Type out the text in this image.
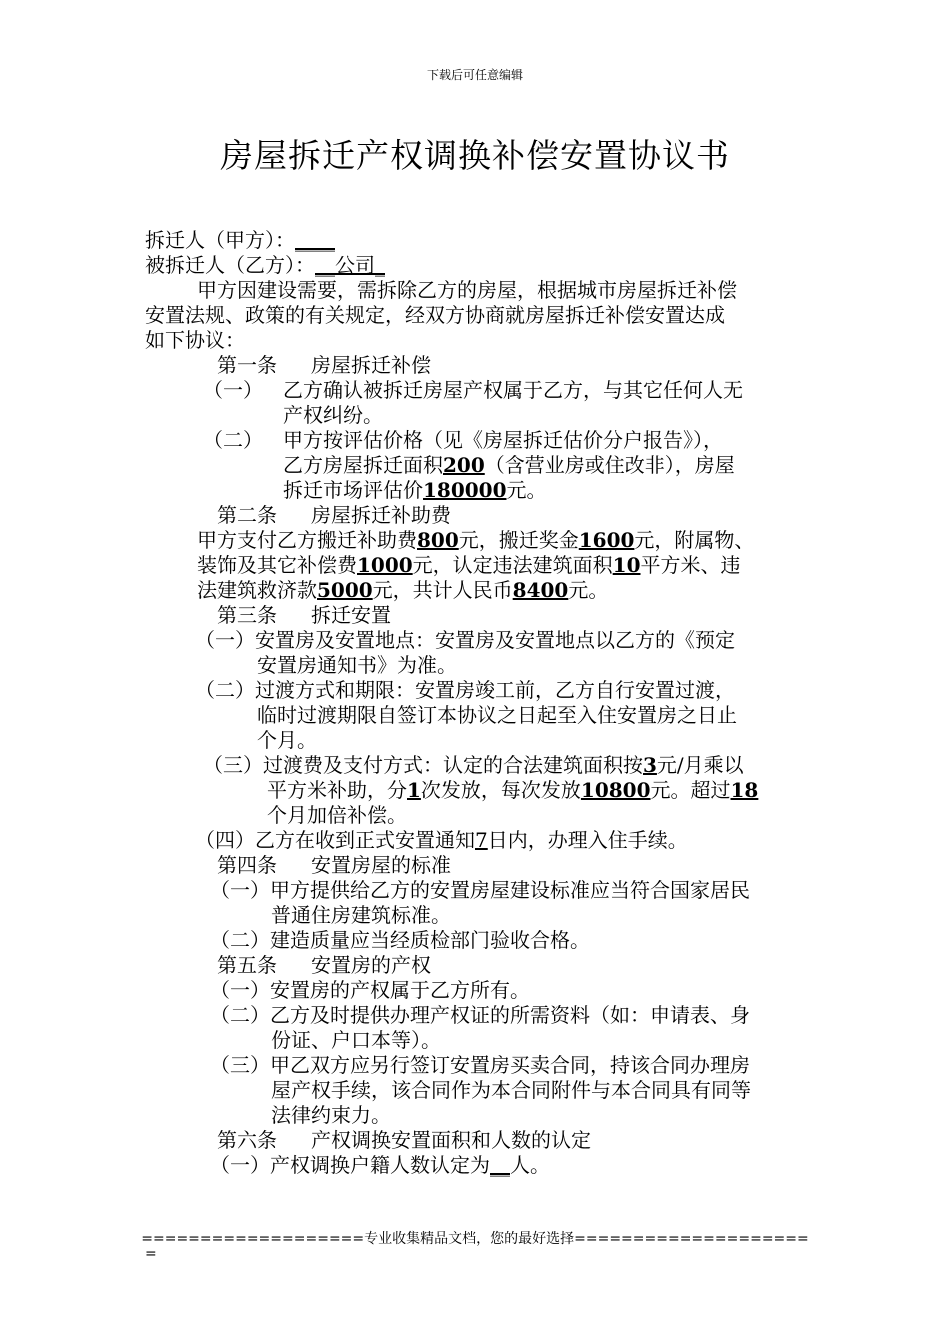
下载后可任意编辑
房屋拆迁产权调换补偿安置协议书
拆迁人（甲方）：____
被拆迁人（乙方）：__公司_
甲方因建设需要，需拆除乙方的房屋，根据城市房屋拆迁补偿
安置法规、政策的有关规定，经双方协商就房屋拆迁补偿安置达成
如下协议：
第一条 房屋拆迁补偿
（一） 乙方确认被拆迁房屋产权属于乙方，与其它任何人无
产权纠纷。
（二） 甲方按评估价格（见《房屋拆迁估价分户报告》），
乙方房屋拆迁面积200（含营业房或住改非），房屋
拆迁市场评估价180000元。
第二条 房屋拆迁补助费
甲方支付乙方搬迁补助费800元，搬迁奖金1600元，附属物、
装饰及其它补偿费1000元，认定违法建筑面积10平方米、违
法建筑救济款5000元，共计人民币8400元。
第三条 拆迁安置
（一）安置房及安置地点：安置房及安置地点以乙方的《预定
安置房通知书》为准。
（二）过渡方式和期限：安置房竣工前，乙方自行安置过渡，
临时过渡期限自签订本协议之日起至入住安置房之日止
个月。
（三）过渡费及支付方式：认定的合法建筑面积按3元/月乘以
平方米补助，分1次发放，每次发放10800元。超过18
个月加倍补偿。
（四）乙方在收到正式安置通知7日内，办理入住手续。
第四条 安置房屋的标准
（一）甲方提供给乙方的安置房屋建设标准应当符合国家居民
普通住房建筑标准。
（二）建造质量应当经质检部门验收合格。
第五条 安置房的产权
（一）安置房的产权属于乙方所有。
（二）乙方及时提供办理产权证的所需资料（如：申请表、身
份证、户口本等）。
（三）甲乙双方应另行签订安置房买卖合同，持该合同办理房
屋产权手续，该合同作为本合同附件与本合同具有同等
法律约束力。
第六条 产权调换安置面积和人数的认定
（一）产权调换户籍人数认定为__人。
===================专业收集精品文档，您的最好选择====================
=
